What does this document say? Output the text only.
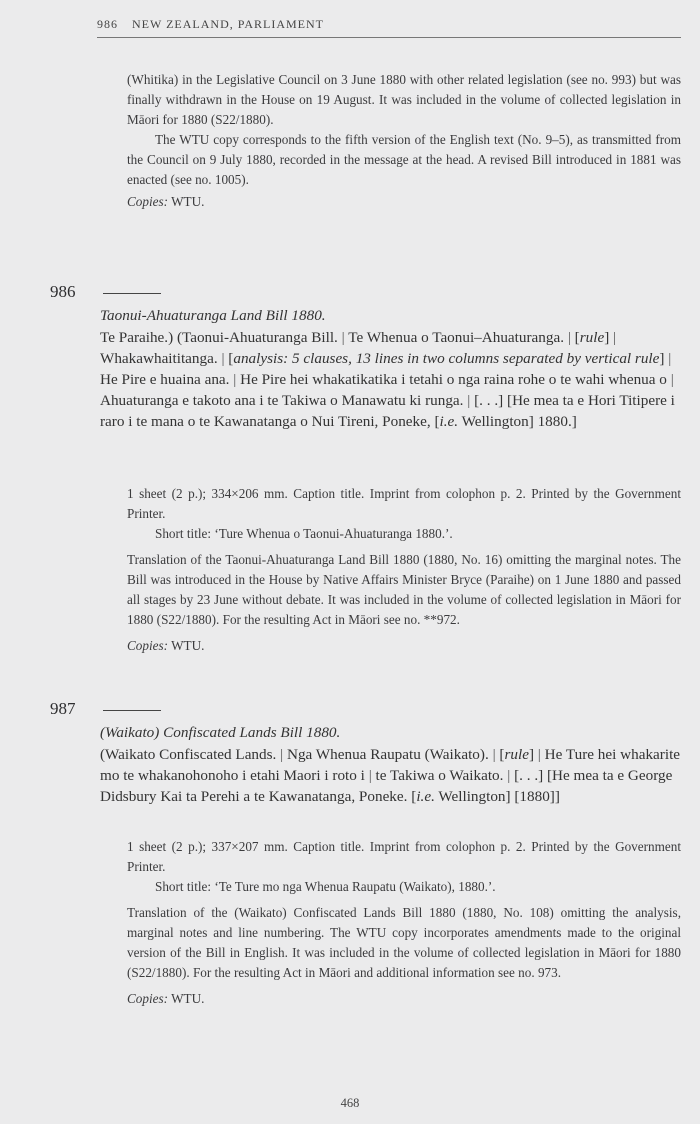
986 NEW ZEALAND, PARLIAMENT

(Whitika) in the Legislative Council on 3 June 1880 with other related legislation (see no. 993) but was finally withdrawn in the House on 19 August. It was included in the volume of collected legislation in Māori for 1880 (S22/1880).

The WTU copy corresponds to the fifth version of the English text (No. 9–5), as transmitted from the Council on 9 July 1880, recorded in the message at the head. A revised Bill introduced in 1881 was enacted (see no. 1005).

Copies: WTU.

986
Taonui-Ahuaturanga Land Bill 1880.
Te Paraihe.) (Taonui-Ahuaturanga Bill. | Te Whenua o Taonui–Ahuaturanga. | [rule] | Whakawhaititanga. | [analysis: 5 clauses, 13 lines in two columns separated by vertical rule] | He Pire e huaina ana. | He Pire hei whakatikatika i tetahi o nga raina rohe o te wahi whenua o | Ahuaturanga e takoto ana i te Takiwa o Manawatu ki runga. | [. . .] [He mea ta e Hori Titipere i raro i te mana o te Kawanatanga o Nui Tireni, Poneke, [i.e. Wellington] 1880.]

1 sheet (2 p.); 334×206 mm. Caption title. Imprint from colophon p. 2. Printed by the Government Printer.

Short title: ‘Ture Whenua o Taonui-Ahuaturanga 1880.’.

Translation of the Taonui-Ahuaturanga Land Bill 1880 (1880, No. 16) omitting the marginal notes. The Bill was introduced in the House by Native Affairs Minister Bryce (Paraihe) on 1 June 1880 and passed all stages by 23 June without debate. It was included in the volume of collected legislation in Māori for 1880 (S22/1880). For the resulting Act in Māori see no. **972.

Copies: WTU.

987
(Waikato) Confiscated Lands Bill 1880.
(Waikato Confiscated Lands. | Nga Whenua Raupatu (Waikato). | [rule] | He Ture hei whakarite mo te whakanohonoho i etahi Maori i roto i | te Takiwa o Waikato. | [. . .] [He mea ta e George Didsbury Kai ta Perehi a te Kawanatanga, Poneke. [i.e. Wellington] [1880]]

1 sheet (2 p.); 337×207 mm. Caption title. Imprint from colophon p. 2. Printed by the Government Printer.

Short title: ‘Te Ture mo nga Whenua Raupatu (Waikato), 1880.’.

Translation of the (Waikato) Confiscated Lands Bill 1880 (1880, No. 108) omitting the analysis, marginal notes and line numbering. The WTU copy incorporates amendments made to the original version of the Bill in English. It was included in the volume of collected legislation in Māori for 1880 (S22/1880). For the resulting Act in Māori and additional information see no. 973.

Copies: WTU.

468
